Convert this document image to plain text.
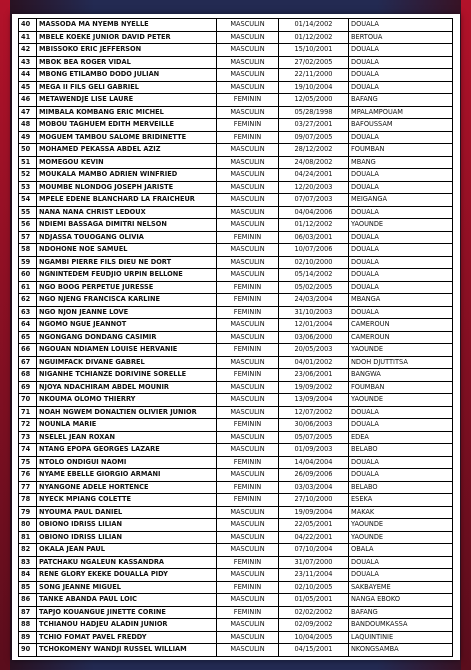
40	MASSODA MA NYEMB NYELLE	MASCULIN	01/14/2002	DOUALA
41	MBELE KOEKE JUNIOR DAVID PETER	MASCULIN	01/12/2002	BERTOUA
42	MBISSOKO ERIC JEFFERSON	MASCULIN	15/10/2001	DOUALA
43	MBOK BEA ROGER VIDAL	MASCULIN	27/02/2005	DOUALA
44	MBONG ETILAMBO DODO JULIAN	MASCULIN	22/11/2000	DOUALA
45	MEGA II FILS GELI GABRIEL	MASCULIN	19/10/2004	DOUALA
46	METAWENDJE LISE LAURE	FEMININ	12/05/2000	BAFANG
47	MIMBALA KOMBANG ERIC MICHEL	MASCULIN	05/28/1998	MPALAMPOUAM
48	MOBOU TAGHUEM EDITH MERVEILLE	FEMININ	03/27/2001	BAFOUSSAM
49	MOGUEM TAMBOU SALOME BRIDINETTE	FEMININ	09/07/2005	DOUALA
50	MOHAMED PEKASSA ABDEL AZIZ	MASCULIN	28/12/2002	FOUMBAN
51	MOMEGOU KEVIN	MASCULIN	24/08/2002	MBANG
52	MOUKALA MAMBO ADRIEN WINFRIED	MASCULIN	04/24/2001	DOUALA
53	MOUMBE NLONDOG JOSEPH JARISTE	MASCULIN	12/20/2003	DOUALA
54	MPELE EDENE BLANCHARD LA FRAICHEUR	MASCULIN	07/07/2003	MEIGANGA
55	NANA NANA CHRIST LEDOUX	MASCULIN	04/04/2006	DOUALA
56	NDIEMI BASSAGA DIMITRI NELSON	MASCULIN	01/12/2002	YAOUNDE
57	NDJASSA TOUOGANG OLIVIA	FEMININ	06/03/2001	DOUALA
58	NDOHONE NOE SAMUEL	MASCULIN	10/07/2006	DOUALA
59	NGAMBI PIERRE FILS DIEU NE DORT	MASCULIN	02/10/2000	DOUALA
60	NGNINTEDEM FEUDJIO URPIN BELLONE	MASCULIN	05/14/2002	DOUALA
61	NGO BOOG PERPETUE JURESSE	FEMININ	05/02/2005	DOUALA
62	NGO NJENG FRANCISCA KARLINE	FEMININ	24/03/2004	MBANGA
63	NGO NJON JEANNE LOVE	FEMININ	31/10/2003	DOUALA
64	NGOMO NGUE JEANNOT	MASCULIN	12/01/2004	CAMEROUN
65	NGONGANG DONDANG CASIMIR	MASCULIN	03/06/2000	CAMEROUN
66	NGOUAN NDIAMEN LOUISE HERVANIE	FEMININ	20/05/2003	YAOUNDE
67	NGUIMFACK DIVANE GABREL	MASCULIN	04/01/2002	NDOH DJUTTITSA
68	NIGANHE TCHIANZE DORIVINE SORELLE	FEMININ	23/06/2001	BANGWA
69	NJOYA NDACHIRAM ABDEL MOUNIR	MASCULIN	19/09/2002	FOUMBAN
70	NKOUMA OLOMO THIERRY	MASCULIN	13/09/2004	YAOUNDE
71	NOAH NGWEM DONALTIEN OLIVIER JUNIOR	MASCULIN	12/07/2002	DOUALA
72	NOUNLA MARIE	FEMININ	30/06/2003	DOUALA
73	NSELEL JEAN ROXAN	MASCULIN	05/07/2005	EDEA
74	NTANG EPOPA GEORGES LAZARE	MASCULIN	01/09/2003	BELABO
75	NTOLO ONDIGUI NAOMI	FEMININ	14/04/2004	DOUALA
76	NYAME EBELLE GIORGIO ARMANI	MASCULIN	26/09/2006	DOUALA
77	NYANGONE ADELE HORTENCE	FEMININ	03/03/2004	BELABO
78	NYECK MPIANG COLETTE	FEMININ	27/10/2000	ESEKA
79	NYOUMA PAUL DANIEL	MASCULIN	19/09/2004	MAKAK
80	OBIONO IDRISS LILIAN	MASCULIN	22/05/2001	YAOUNDE
81	OBIONO IDRISS LILIAN	MASCULIN	04/22/2001	YAOUNDE
82	OKALA JEAN PAUL	MASCULIN	07/10/2004	OBALA
83	PATCHAKU NGALEUN KASSANDRA	FEMININ	31/07/2000	DOUALA
84	RENE GLORY EKEKE DOUALLA PIDY	MASCULIN	23/11/2004	DOUALA
85	SONG JEANNE MIGUEL	FEMININ	02/10/2005	SAKBAYEME
86	TANKE ABANDA PAUL LOIC	MASCULIN	01/05/2001	NANGA EBOKO
87	TAPJO KOUANGUE JINETTE CORINE	FEMININ	02/02/2002	BAFANG
88	TCHIANOU HADJEU ALADIN JUNIOR	MASCULIN	02/09/2002	BANDOUMKASSA
89	TCHIO FOMAT PAVEL FREDDY	MASCULIN	10/04/2005	LAQUINTINIE
90	TCHOKOMENY WANDJI RUSSEL WILLIAM	MASCULIN	04/15/2001	NKONGSAMBA
